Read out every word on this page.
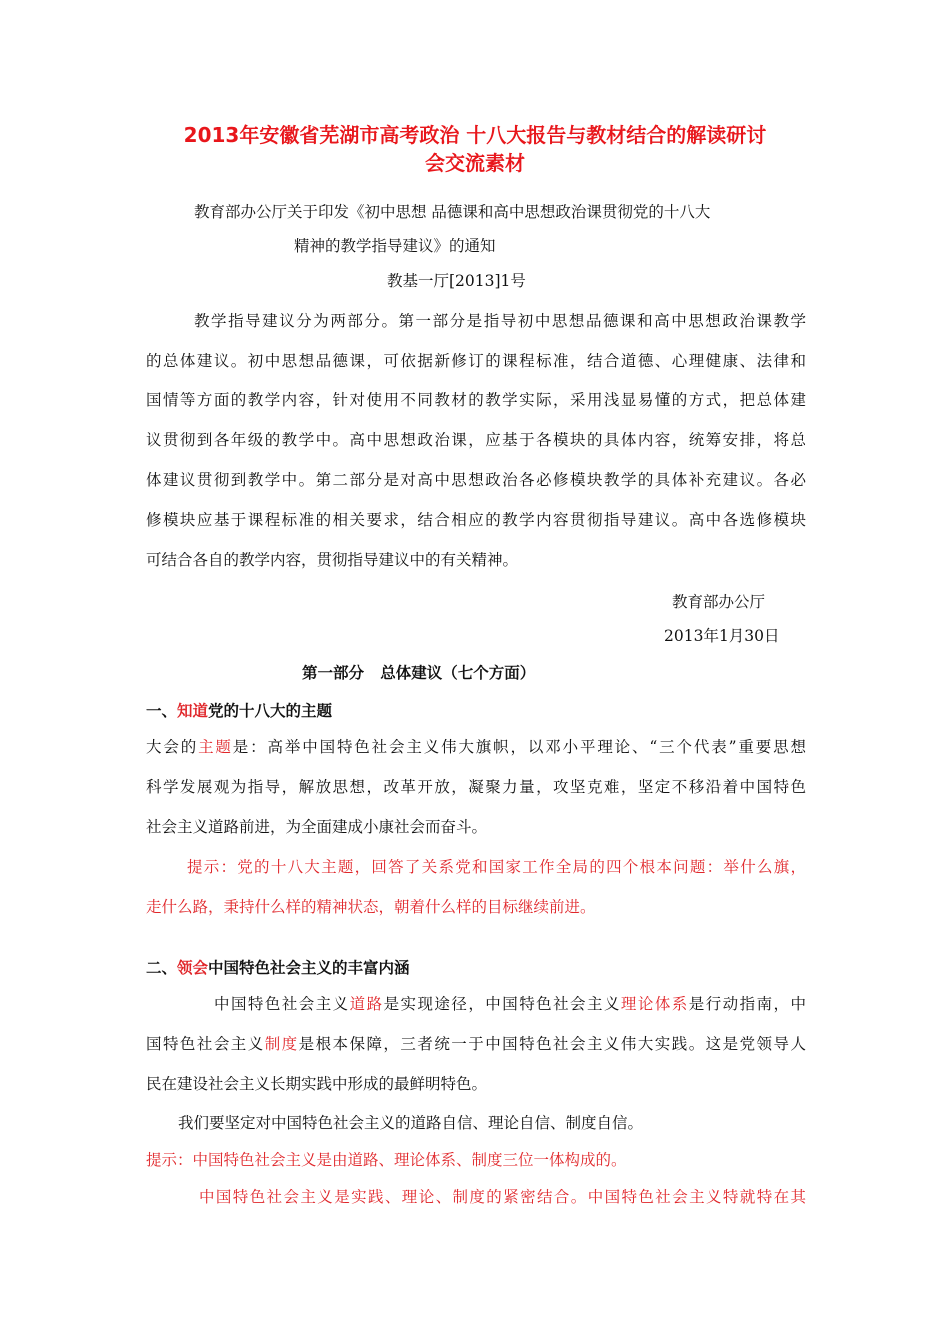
2013年安徽省芜湖市高考政治 十八大报告与教材结合的解读研讨
会交流素材
教育部办公厅关于印发《初中思想 品德课和高中思想政治课贯彻党的十八大
精神的教学指导建议》的通知
教基一厅[2013]1号
教学指导建议分为两部分。第一部分是指导初中思想品德课和高中思想政治课教学
的总体建议。初中思想品德课，可依据新修订的课程标准，结合道德、心理健康、法律和
国情等方面的教学内容，针对使用不同教材的教学实际，采用浅显易懂的方式，把总体建
议贯彻到各年级的教学中。高中思想政治课，应基于各模块的具体内容，统筹安排，将总
体建议贯彻到教学中。第二部分是对高中思想政治各必修模块教学的具体补充建议。各必
修模块应基于课程标准的相关要求，结合相应的教学内容贯彻指导建议。高中各选修模块
可结合各自的教学内容，贯彻指导建议中的有关精神。
教育部办公厅
2013年1月30日
第一部分   总体建议（七个方面）
一、知道党的十八大的主题
大会的主题是：高举中国特色社会主义伟大旗帜，以邓小平理论、“三个代表”重要思想
科学发展观为指导，解放思想，改革开放，凝聚力量，攻坚克难，坚定不移沿着中国特色
社会主义道路前进，为全面建成小康社会而奋斗。
提示：党的十八大主题，回答了关系党和国家工作全局的四个根本问题：举什么旗，
走什么路，秉持什么样的精神状态，朝着什么样的目标继续前进。
二、领会中国特色社会主义的丰富内涵
中国特色社会主义道路是实现途径，中国特色社会主义理论体系是行动指南，中
国特色社会主义制度是根本保障，三者统一于中国特色社会主义伟大实践。这是党领导人
民在建设社会主义长期实践中形成的最鲜明特色。
我们要坚定对中国特色社会主义的道路自信、理论自信、制度自信。
提示：中国特色社会主义是由道路、理论体系、制度三位一体构成的。
中国特色社会主义是实践、理论、制度的紧密结合。中国特色社会主义特就特在其
